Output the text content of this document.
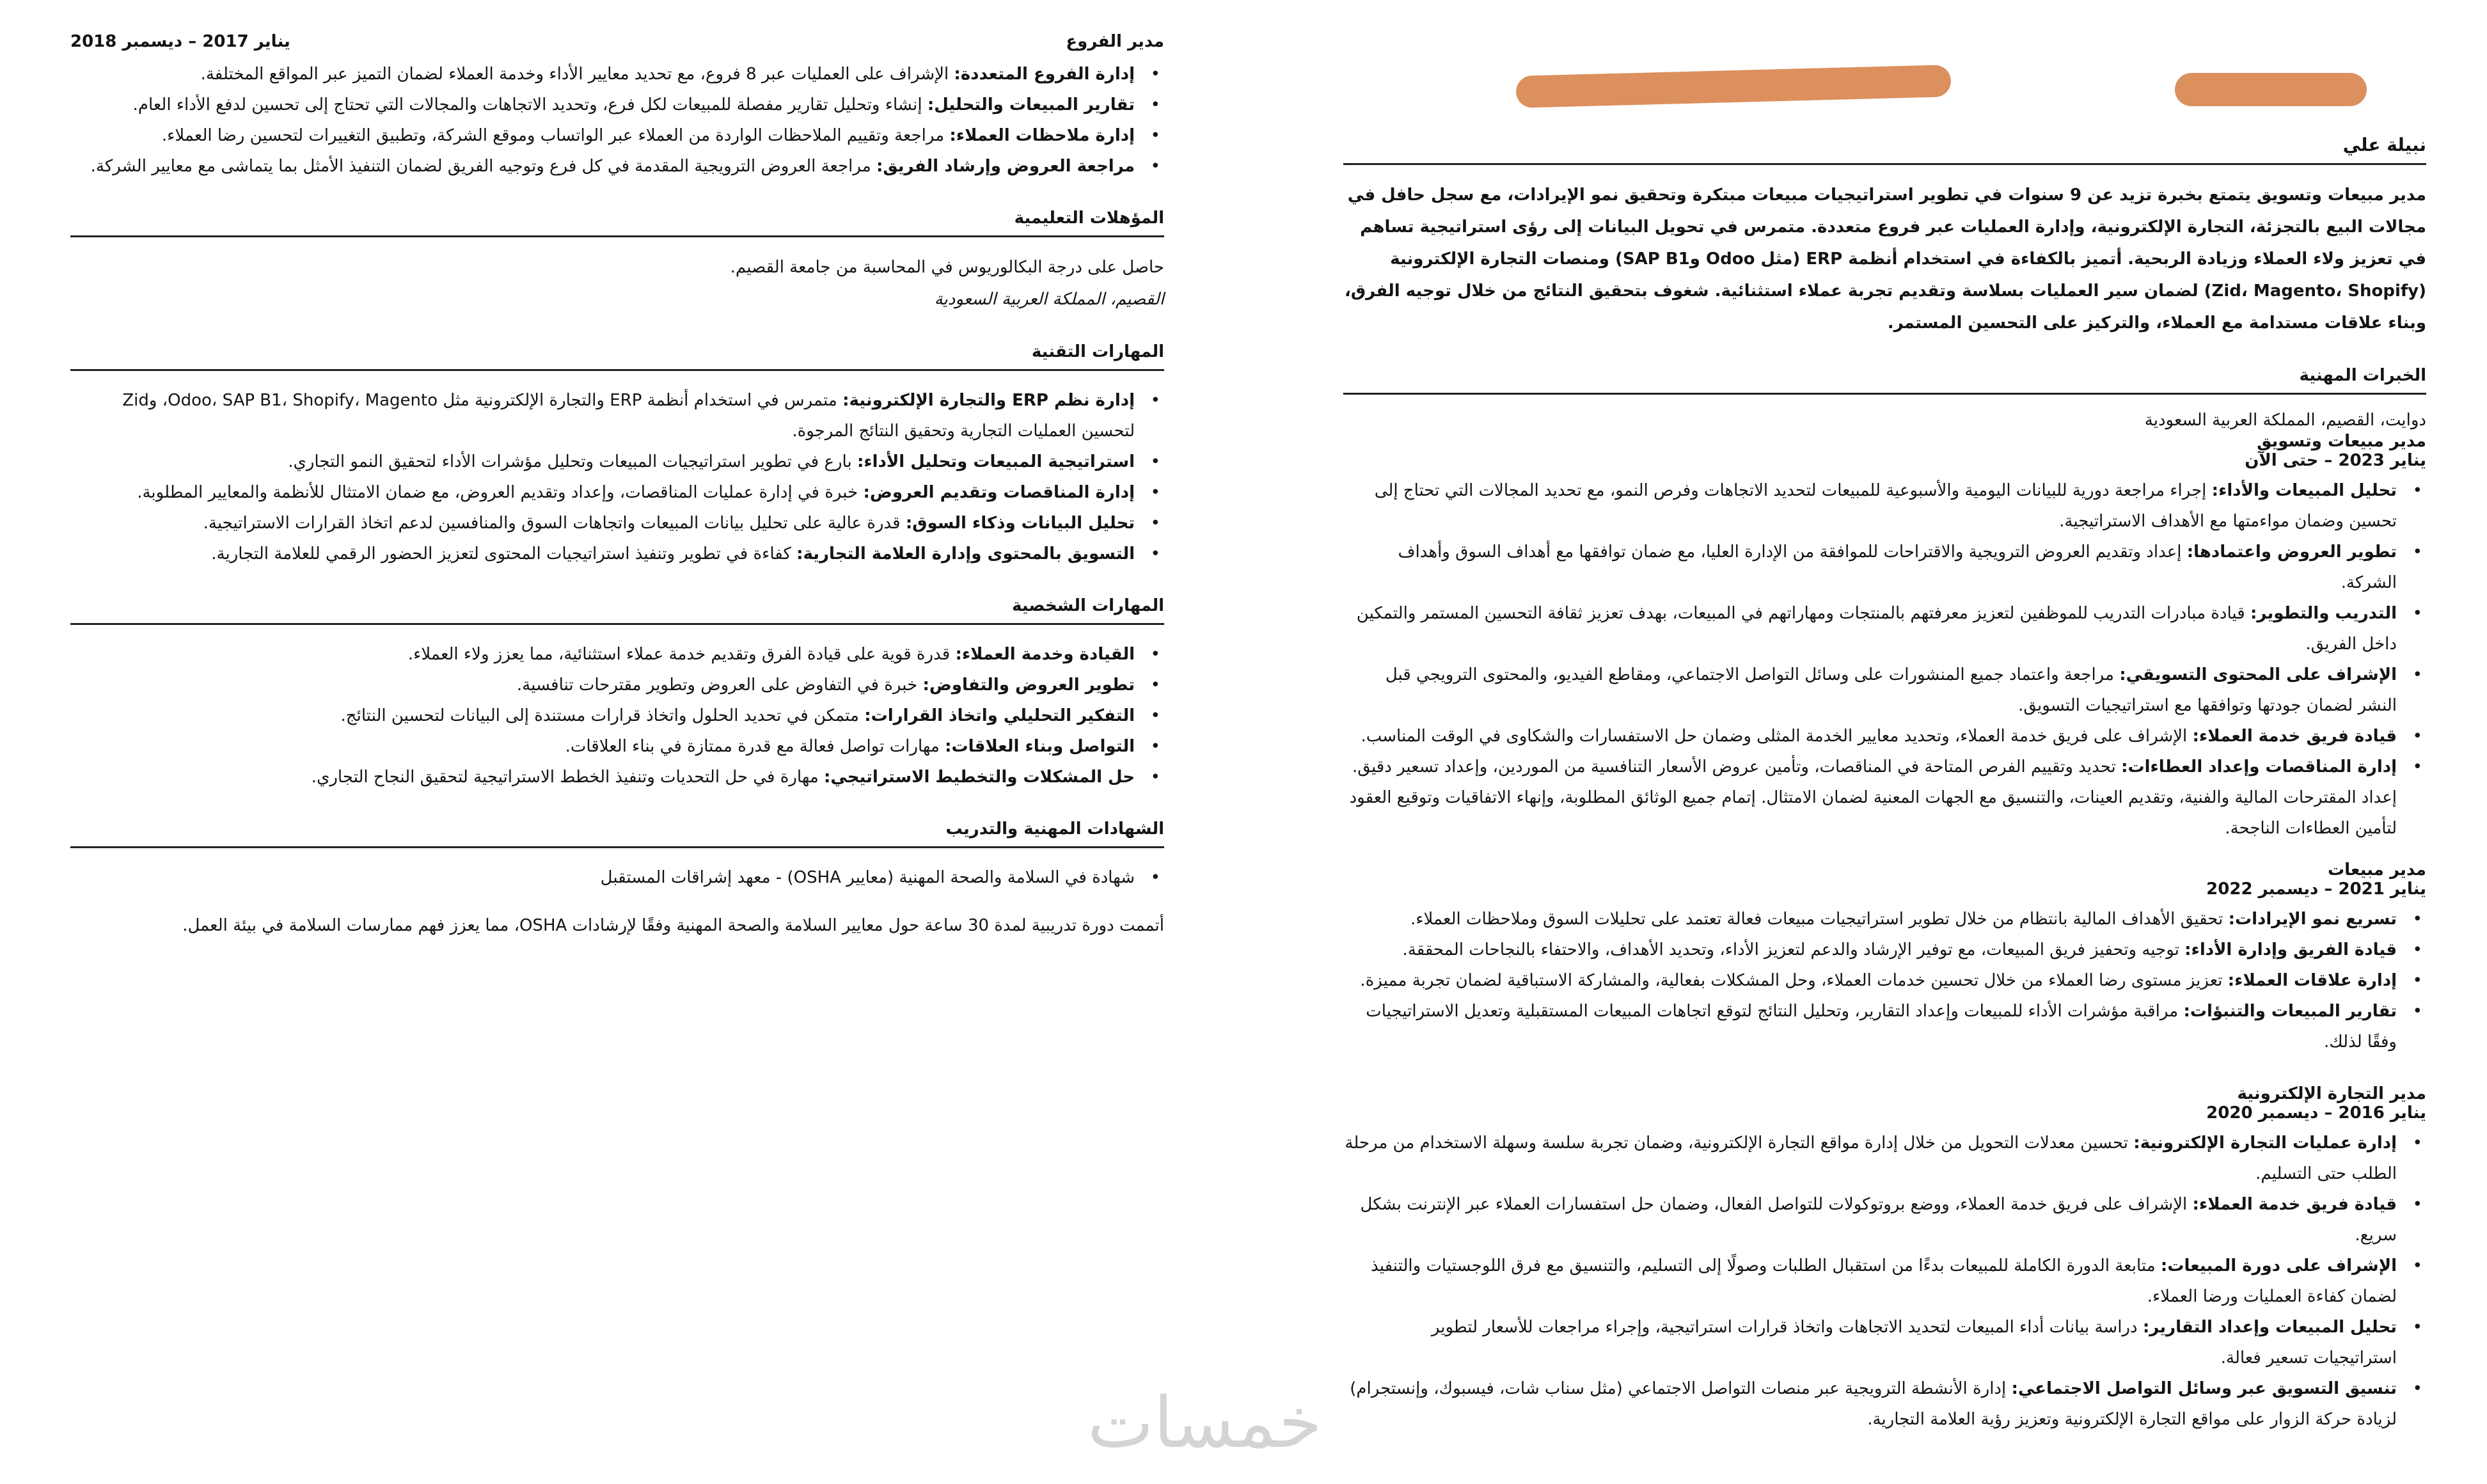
مدير الفروع
يناير 2017 – ديسمبر 2018
• إدارة الفروع المتعددة: الإشراف على العمليات عبر 8 فروع، مع تحديد معايير الأداء وخدمة العملاء لضمان التميز عبر المواقع المختلفة.
• تقارير المبيعات والتحليل: إنشاء وتحليل تقارير مفصلة للمبيعات لكل فرع، وتحديد الاتجاهات والمجالات التي تحتاج إلى تحسين لدفع الأداء العام.
• إدارة ملاحظات العملاء: مراجعة وتقييم الملاحظات الواردة من العملاء عبر الواتساب وموقع الشركة، وتطبيق التغييرات لتحسين رضا العملاء.
• مراجعة العروض وإرشاد الفريق: مراجعة العروض الترويجية المقدمة في كل فرع وتوجيه الفريق لضمان التنفيذ الأمثل بما يتماشى مع معايير الشركة.
المؤهلات التعليمية

حاصل على درجة البكالوريوس في المحاسبة من جامعة القصيم.

القصيم، المملكة العربية السعودية

المهارات التقنية
• إدارة نظم ERP والتجارة الإلكترونية: متمرس في استخدام أنظمة ERP والتجارة الإلكترونية مثل Odoo، SAP B1، Shopify، Magento، وZid لتحسين العمليات التجارية وتحقيق النتائج المرجوة.
• استراتيجية المبيعات وتحليل الأداء: بارع في تطوير استراتيجيات المبيعات وتحليل مؤشرات الأداء لتحقيق النمو التجاري.
• إدارة المناقصات وتقديم العروض: خبرة في إدارة عمليات المناقصات، وإعداد وتقديم العروض، مع ضمان الامتثال للأنظمة والمعايير المطلوبة.
• تحليل البيانات وذكاء السوق: قدرة عالية على تحليل بيانات المبيعات واتجاهات السوق والمنافسين لدعم اتخاذ القرارات الاستراتيجية.
• التسويق بالمحتوى وإدارة العلامة التجارية: كفاءة في تطوير وتنفيذ استراتيجيات المحتوى لتعزيز الحضور الرقمي للعلامة التجارية.
المهارات الشخصية
• القيادة وخدمة العملاء: قدرة قوية على قيادة الفرق وتقديم خدمة عملاء استثنائية، مما يعزز ولاء العملاء.
• تطوير العروض والتفاوض: خبرة في التفاوض على العروض وتطوير مقترحات تنافسية.
• التفكير التحليلي واتخاذ القرارات: متمكن في تحديد الحلول واتخاذ قرارات مستندة إلى البيانات لتحسين النتائج.
• التواصل وبناء العلاقات: مهارات تواصل فعالة مع قدرة ممتازة في بناء العلاقات.
• حل المشكلات والتخطيط الاستراتيجي: مهارة في حل التحديات وتنفيذ الخطط الاستراتيجية لتحقيق النجاح التجاري.
الشهادات المهنية والتدريب
• شهادة في السلامة والصحة المهنية (معايير OSHA) - معهد إشراقات المستقبل

أتممت دورة تدريبية لمدة 30 ساعة حول معايير السلامة والصحة المهنية وفقًا لإرشادات OSHA، مما يعزز فهم ممارسات السلامة في بيئة العمل.

نبيلة علي

مدير مبيعات وتسويق يتمتع بخبرة تزيد عن 9 سنوات في تطوير استراتيجيات مبيعات مبتكرة وتحقيق نمو الإيرادات، مع سجل حافل في مجالات البيع بالتجزئة، التجارة الإلكترونية، وإدارة العمليات عبر فروع متعددة. متمرس في تحويل البيانات إلى رؤى استراتيجية تساهم في تعزيز ولاء العملاء وزيادة الربحية. أتميز بالكفاءة في استخدام أنظمة ERP (مثل Odoo وSAP B1) ومنصات التجارة الإلكترونية (Zid، Magento، Shopify) لضمان سير العمليات بسلاسة وتقديم تجربة عملاء استثنائية. شغوف بتحقيق النتائج من خلال توجيه الفرق، وبناء علاقات مستدامة مع العملاء، والتركيز على التحسين المستمر.

الخبرات المهنية
دوايت، القصيم، المملكة العربية السعودية
مدير مبيعات وتسويق
يناير 2023 – حتى الآن
• تحليل المبيعات والأداء: إجراء مراجعة دورية للبيانات اليومية والأسبوعية للمبيعات لتحديد الاتجاهات وفرص النمو، مع تحديد المجالات التي تحتاج إلى تحسين وضمان مواءمتها مع الأهداف الاستراتيجية.
• تطوير العروض واعتمادها: إعداد وتقديم العروض الترويجية والاقتراحات للموافقة من الإدارة العليا، مع ضمان توافقها مع أهداف السوق وأهداف الشركة.
• التدريب والتطوير: قيادة مبادرات التدريب للموظفين لتعزيز معرفتهم بالمنتجات ومهاراتهم في المبيعات، بهدف تعزيز ثقافة التحسين المستمر والتمكين داخل الفريق.
• الإشراف على المحتوى التسويقي: مراجعة واعتماد جميع المنشورات على وسائل التواصل الاجتماعي، ومقاطع الفيديو، والمحتوى الترويجي قبل النشر لضمان جودتها وتوافقها مع استراتيجيات التسويق.
• قيادة فريق خدمة العملاء: الإشراف على فريق خدمة العملاء، وتحديد معايير الخدمة المثلى وضمان حل الاستفسارات والشكاوى في الوقت المناسب.
• إدارة المناقصات وإعداد العطاءات: تحديد وتقييم الفرص المتاحة في المناقصات، وتأمين عروض الأسعار التنافسية من الموردين، وإعداد تسعير دقيق. إعداد المقترحات المالية والفنية، وتقديم العينات، والتنسيق مع الجهات المعنية لضمان الامتثال. إتمام جميع الوثائق المطلوبة، وإنهاء الاتفاقيات وتوقيع العقود لتأمين العطاءات الناجحة.
مدير مبيعات
يناير 2021 – ديسمبر 2022
• تسريع نمو الإيرادات: تحقيق الأهداف المالية بانتظام من خلال تطوير استراتيجيات مبيعات فعالة تعتمد على تحليلات السوق وملاحظات العملاء.
• قيادة الفريق وإدارة الأداء: توجيه وتحفيز فريق المبيعات، مع توفير الإرشاد والدعم لتعزيز الأداء، وتحديد الأهداف، والاحتفاء بالنجاحات المحققة.
• إدارة علاقات العملاء: تعزيز مستوى رضا العملاء من خلال تحسين خدمات العملاء، وحل المشكلات بفعالية، والمشاركة الاستباقية لضمان تجربة مميزة.
• تقارير المبيعات والتنبؤات: مراقبة مؤشرات الأداء للمبيعات وإعداد التقارير، وتحليل النتائج لتوقع اتجاهات المبيعات المستقبلية وتعديل الاستراتيجيات وفقًا لذلك.
مدير التجارة الإلكترونية
يناير 2016 – ديسمبر 2020
• إدارة عمليات التجارة الإلكترونية: تحسين معدلات التحويل من خلال إدارة مواقع التجارة الإلكترونية، وضمان تجربة سلسة وسهلة الاستخدام من مرحلة الطلب حتى التسليم.
• قيادة فريق خدمة العملاء: الإشراف على فريق خدمة العملاء، ووضع بروتوكولات للتواصل الفعال، وضمان حل استفسارات العملاء عبر الإنترنت بشكل سريع.
• الإشراف على دورة المبيعات: متابعة الدورة الكاملة للمبيعات بدءًا من استقبال الطلبات وصولًا إلى التسليم، والتنسيق مع فرق اللوجستيات والتنفيذ لضمان كفاءة العمليات ورضا العملاء.
• تحليل المبيعات وإعداد التقارير: دراسة بيانات أداء المبيعات لتحديد الاتجاهات واتخاذ قرارات استراتيجية، وإجراء مراجعات للأسعار لتطوير استراتيجيات تسعير فعالة.
• تنسيق التسويق عبر وسائل التواصل الاجتماعي: إدارة الأنشطة الترويجية عبر منصات التواصل الاجتماعي (مثل سناب شات، فيسبوك، وإنستجرام) لزيادة حركة الزوار على مواقع التجارة الإلكترونية وتعزيز رؤية العلامة التجارية.
خمسات
